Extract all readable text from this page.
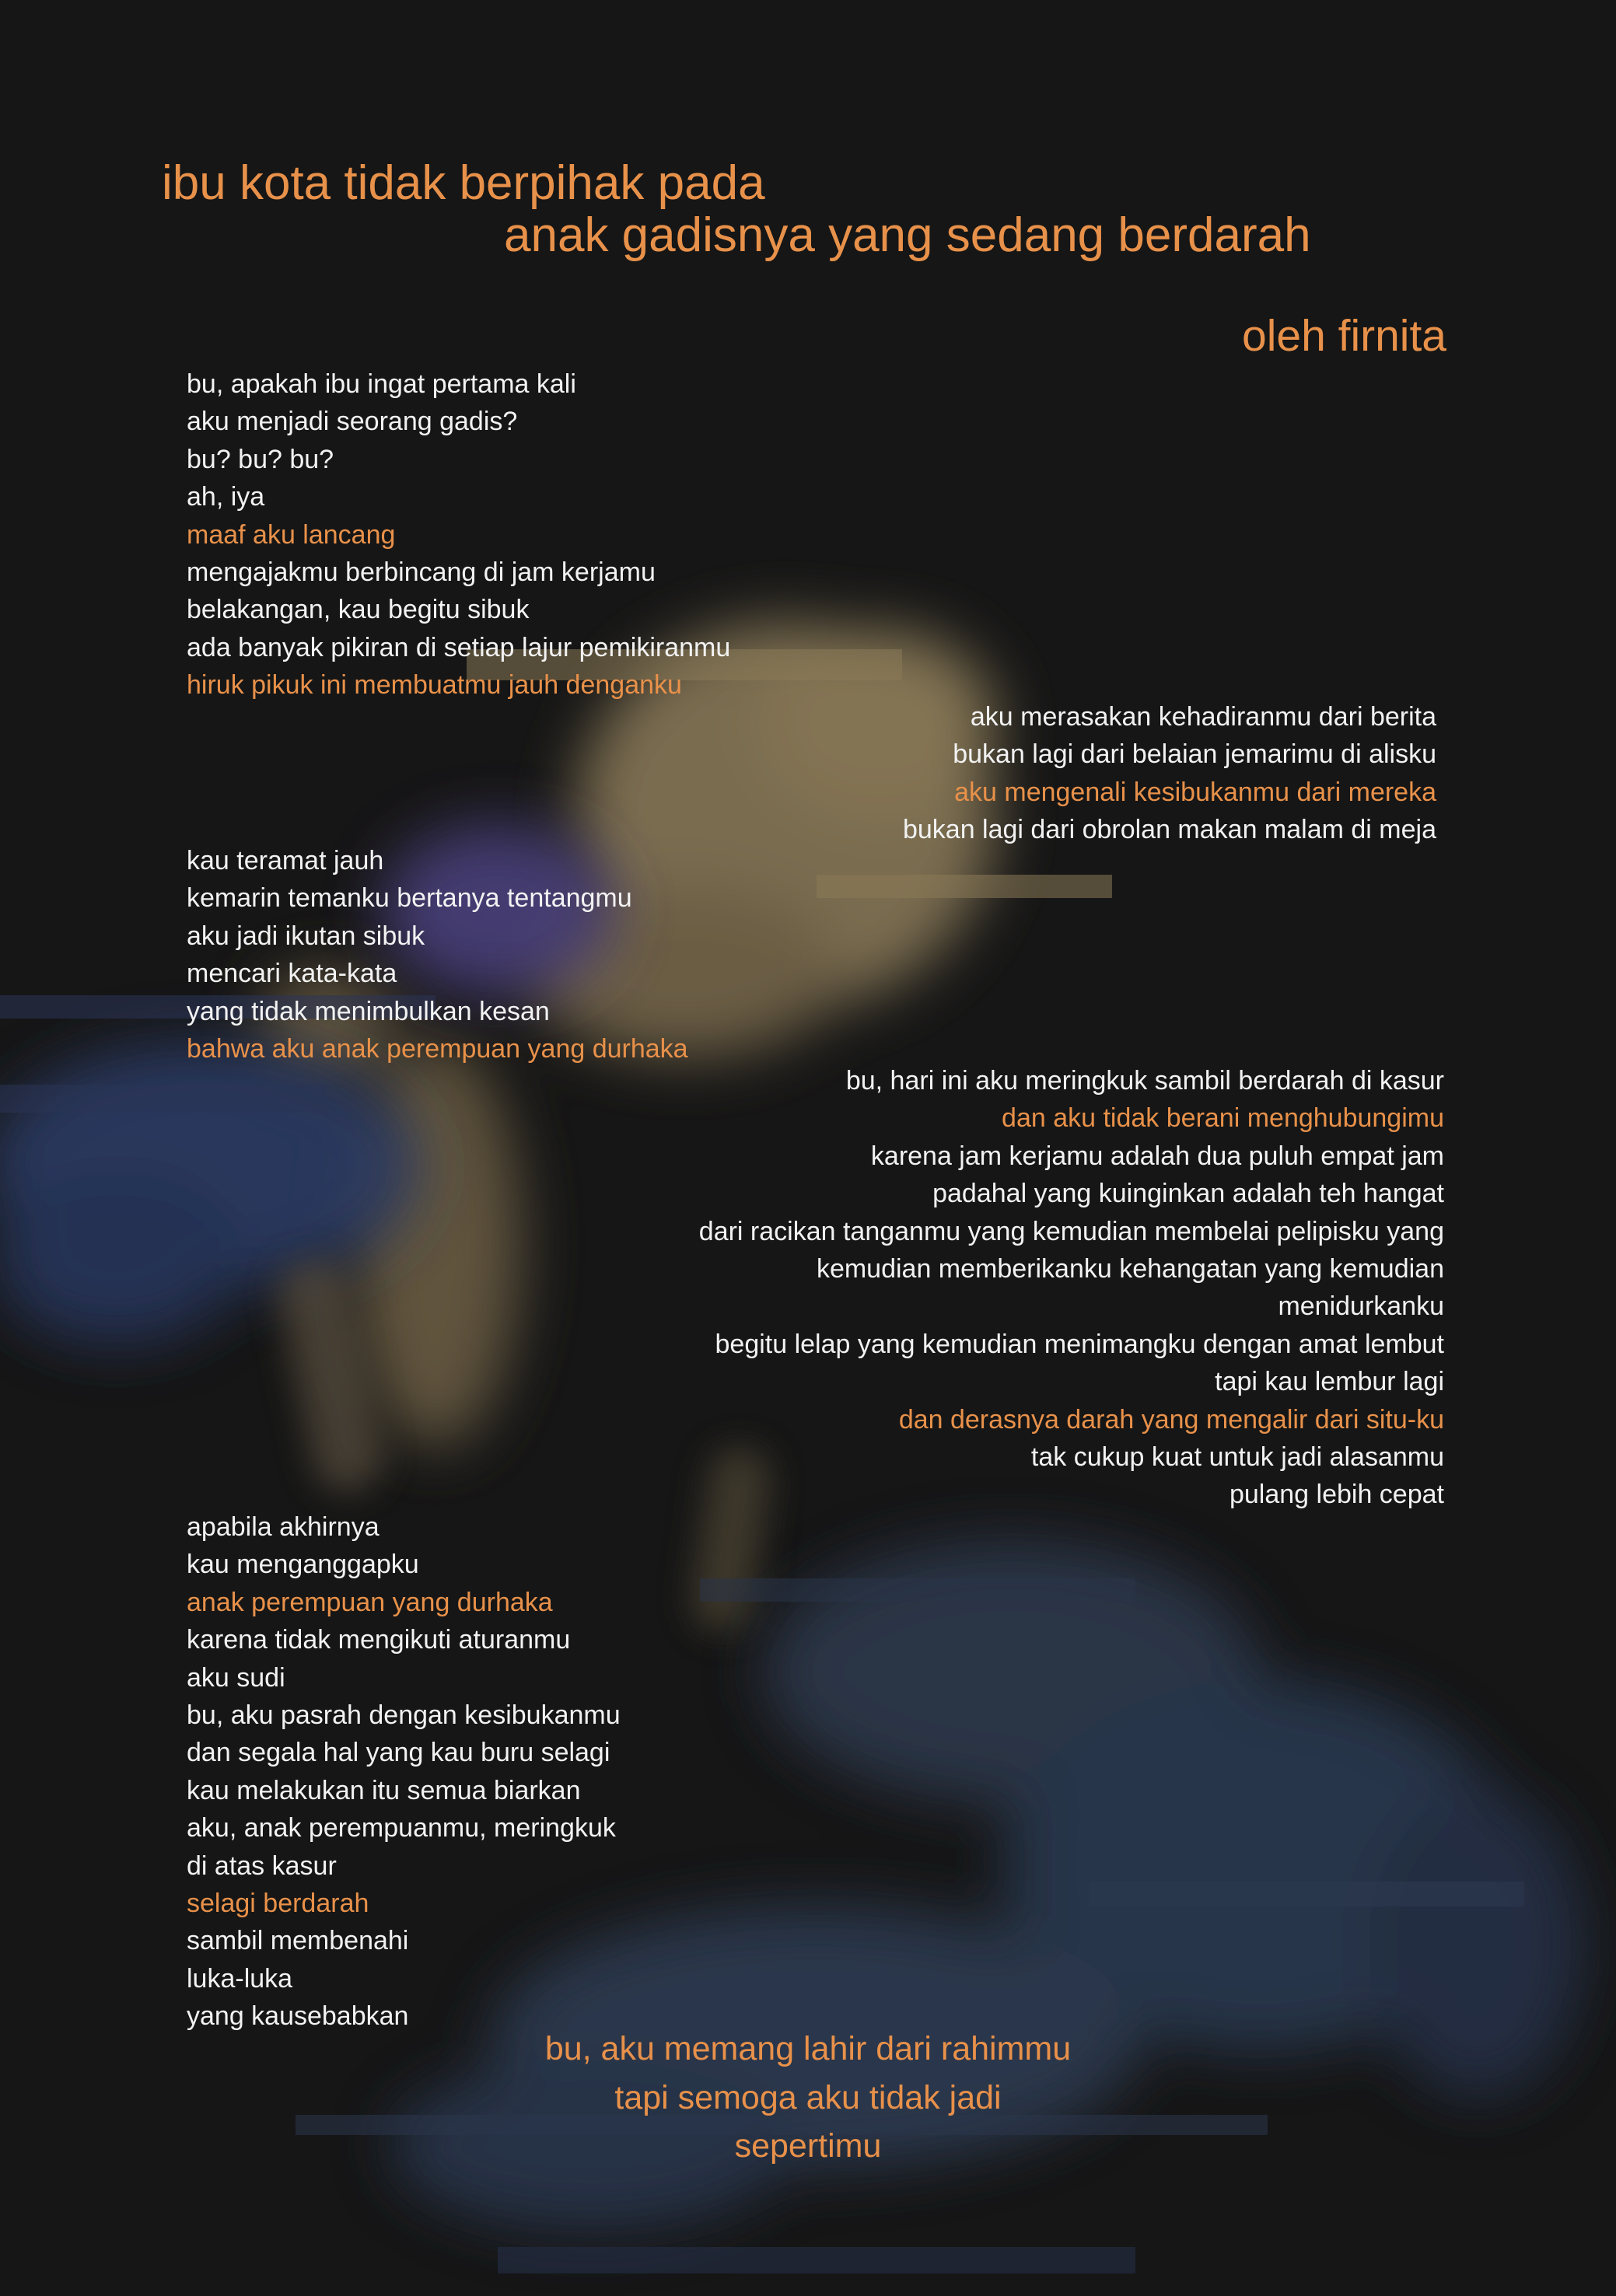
ibu kota tidak berpihak pada
anak gadisnya yang sedang berdarah
oleh firnita
bu, apakah ibu ingat pertama kali
aku menjadi seorang gadis?
bu? bu? bu?
ah, iya
maaf aku lancang
mengajakmu berbincang di jam kerjamu
belakangan, kau begitu sibuk
ada banyak pikiran di setiap lajur pemikiranmu
hiruk pikuk ini membuatmu jauh denganku
aku merasakan kehadiranmu dari berita
bukan lagi dari belaian jemarimu di alisku
aku mengenali kesibukanmu dari mereka
bukan lagi dari obrolan makan malam di meja
kau teramat jauh
kemarin temanku bertanya tentangmu
aku jadi ikutan sibuk
mencari kata-kata
yang tidak menimbulkan kesan
bahwa aku anak perempuan yang durhaka
bu, hari ini aku meringkuk sambil berdarah di kasur
dan aku tidak berani menghubungimu
karena jam kerjamu adalah dua puluh empat jam
padahal yang kuinginkan adalah teh hangat
dari racikan tanganmu yang kemudian membelai pelipisku yang
kemudian memberikanku kehangatan yang kemudian
menidurkanku
begitu lelap yang kemudian menimangku dengan amat lembut
tapi kau lembur lagi
dan derasnya darah yang mengalir dari situ-ku
tak cukup kuat untuk jadi alasanmu
pulang lebih cepat
apabila akhirnya
kau menganggapku
anak perempuan yang durhaka
karena tidak mengikuti aturanmu
aku sudi
bu, aku pasrah dengan kesibukanmu
dan segala hal yang kau buru selagi
kau melakukan itu semua biarkan
aku, anak perempuanmu, meringkuk
di atas kasur
selagi berdarah
sambil membenahi
luka-luka
yang kausebabkan
bu, aku memang lahir dari rahimmu
tapi semoga aku tidak jadi
sepertimu
